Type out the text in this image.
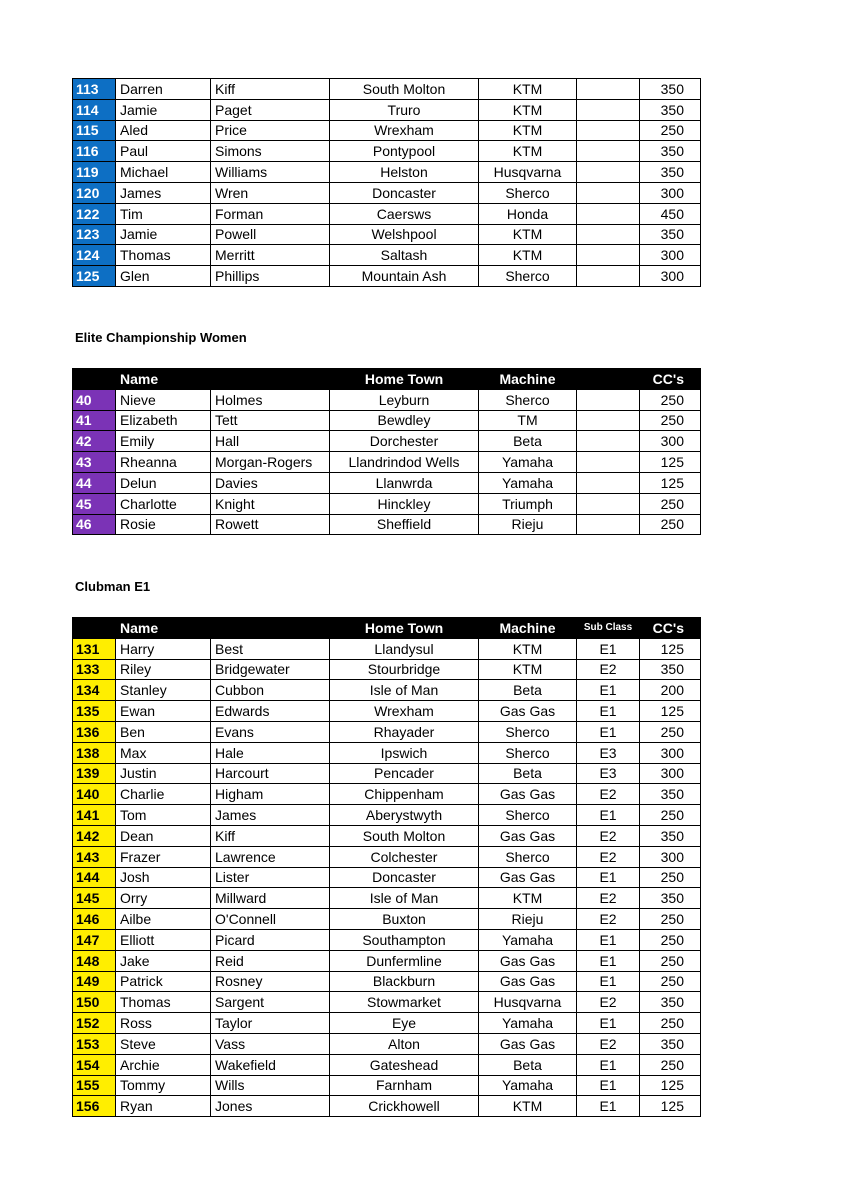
113	Darren	Kiff	South Molton	KTM		350
114	Jamie	Paget	Truro	KTM		350
115	Aled	Price	Wrexham	KTM		250
116	Paul	Simons	Pontypool	KTM		350
119	Michael	Williams	Helston	Husqvarna		350
120	James	Wren	Doncaster	Sherco		300
122	Tim	Forman	Caersws	Honda		450
123	Jamie	Powell	Welshpool	KTM		350
124	Thomas	Merritt	Saltash	KTM		300
125	Glen	Phillips	Mountain Ash	Sherco		300
Elite Championship Women
	Name		Home Town	Machine		CC's
40	Nieve	Holmes	Leyburn	Sherco		250
41	Elizabeth	Tett	Bewdley	TM		250
42	Emily	Hall	Dorchester	Beta		300
43	Rheanna	Morgan-Rogers	Llandrindod Wells	Yamaha		125
44	Delun	Davies	Llanwrda	Yamaha		125
45	Charlotte	Knight	Hinckley	Triumph		250
46	Rosie	Rowett	Sheffield	Rieju		250
Clubman E1
	Name		Home Town	Machine	Sub Class	CC's
131	Harry	Best	Llandysul	KTM	E1	125
133	Riley	Bridgewater	Stourbridge	KTM	E2	350
134	Stanley	Cubbon	Isle of Man	Beta	E1	200
135	Ewan	Edwards	Wrexham	Gas Gas	E1	125
136	Ben	Evans	Rhayader	Sherco	E1	250
138	Max	Hale	Ipswich	Sherco	E3	300
139	Justin	Harcourt	Pencader	Beta	E3	300
140	Charlie	Higham	Chippenham	Gas Gas	E2	350
141	Tom	James	Aberystwyth	Sherco	E1	250
142	Dean	Kiff	South Molton	Gas Gas	E2	350
143	Frazer	Lawrence	Colchester	Sherco	E2	300
144	Josh	Lister	Doncaster	Gas Gas	E1	250
145	Orry	Millward	Isle of Man	KTM	E2	350
146	Ailbe	O'Connell	Buxton	Rieju	E2	250
147	Elliott	Picard	Southampton	Yamaha	E1	250
148	Jake	Reid	Dunfermline	Gas Gas	E1	250
149	Patrick	Rosney	Blackburn	Gas Gas	E1	250
150	Thomas	Sargent	Stowmarket	Husqvarna	E2	350
152	Ross	Taylor	Eye	Yamaha	E1	250
153	Steve	Vass	Alton	Gas Gas	E2	350
154	Archie	Wakefield	Gateshead	Beta	E1	250
155	Tommy	Wills	Farnham	Yamaha	E1	125
156	Ryan	Jones	Crickhowell	KTM	E1	125
